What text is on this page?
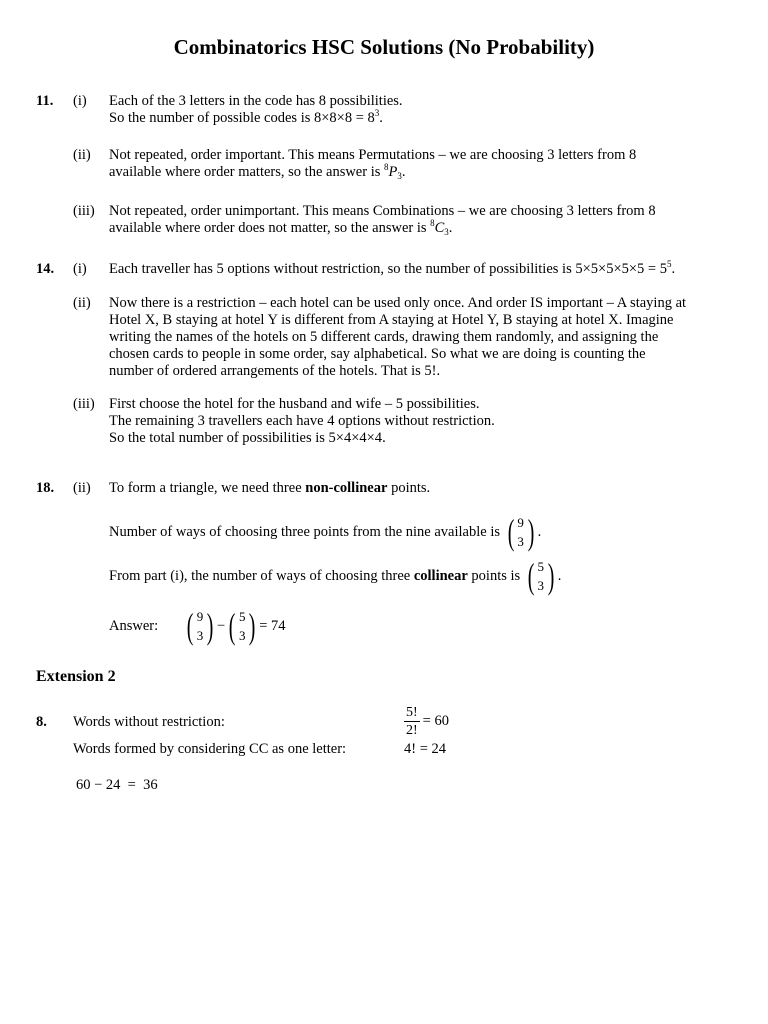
Combinatorics HSC Solutions (No Probability)
11. (i) Each of the 3 letters in the code has 8 possibilities.
So the number of possible codes is $8\times 8\times 8 = 8^3$.
(ii) Not repeated, order important. This means Permutations – we are choosing 3 letters from 8
available where order matters, so the answer is $^8P_3$.
(iii) Not repeated, order unimportant. This means Combinations – we are choosing 3 letters from 8
available where order does not matter, so the answer is $^8C_3$.
14. (i) Each traveller has 5 options without restriction, so the number of possibilities is $5\times 5\times 5\times 5\times 5 = 5^5$.
(ii) Now there is a restriction – each hotel can be used only once. And order IS important – A staying at
Hotel X, B staying at hotel Y is different from A staying at Hotel Y, B staying at hotel X. Imagine
writing the names of the hotels on 5 different cards, drawing them randomly, and assigning the
chosen cards to people in some order, say alphabetical. So what we are doing is counting the
number of ordered arrangements of the hotels. That is 5!.
(iii) First choose the hotel for the husband and wife – 5 possibilities.
The remaining 3 travellers each have 4 options without restriction.
So the total number of possibilities is 5×4×4×4.
18. (ii) To form a triangle, we need three non-collinear points.
Number of ways of choosing three points from the nine available is
( 9
3 ) .
From part (i), the number of ways of choosing three
collinear
points is
( 5
3 ) .
Answer: ( 9
3 ) − ( 5
3 ) = 74
Extension 2
8. Words without restriction:	$\frac{5!}{2!} = 60$
Words formed by considering CC as one letter:	4! = 24
60 − 24  =  36
